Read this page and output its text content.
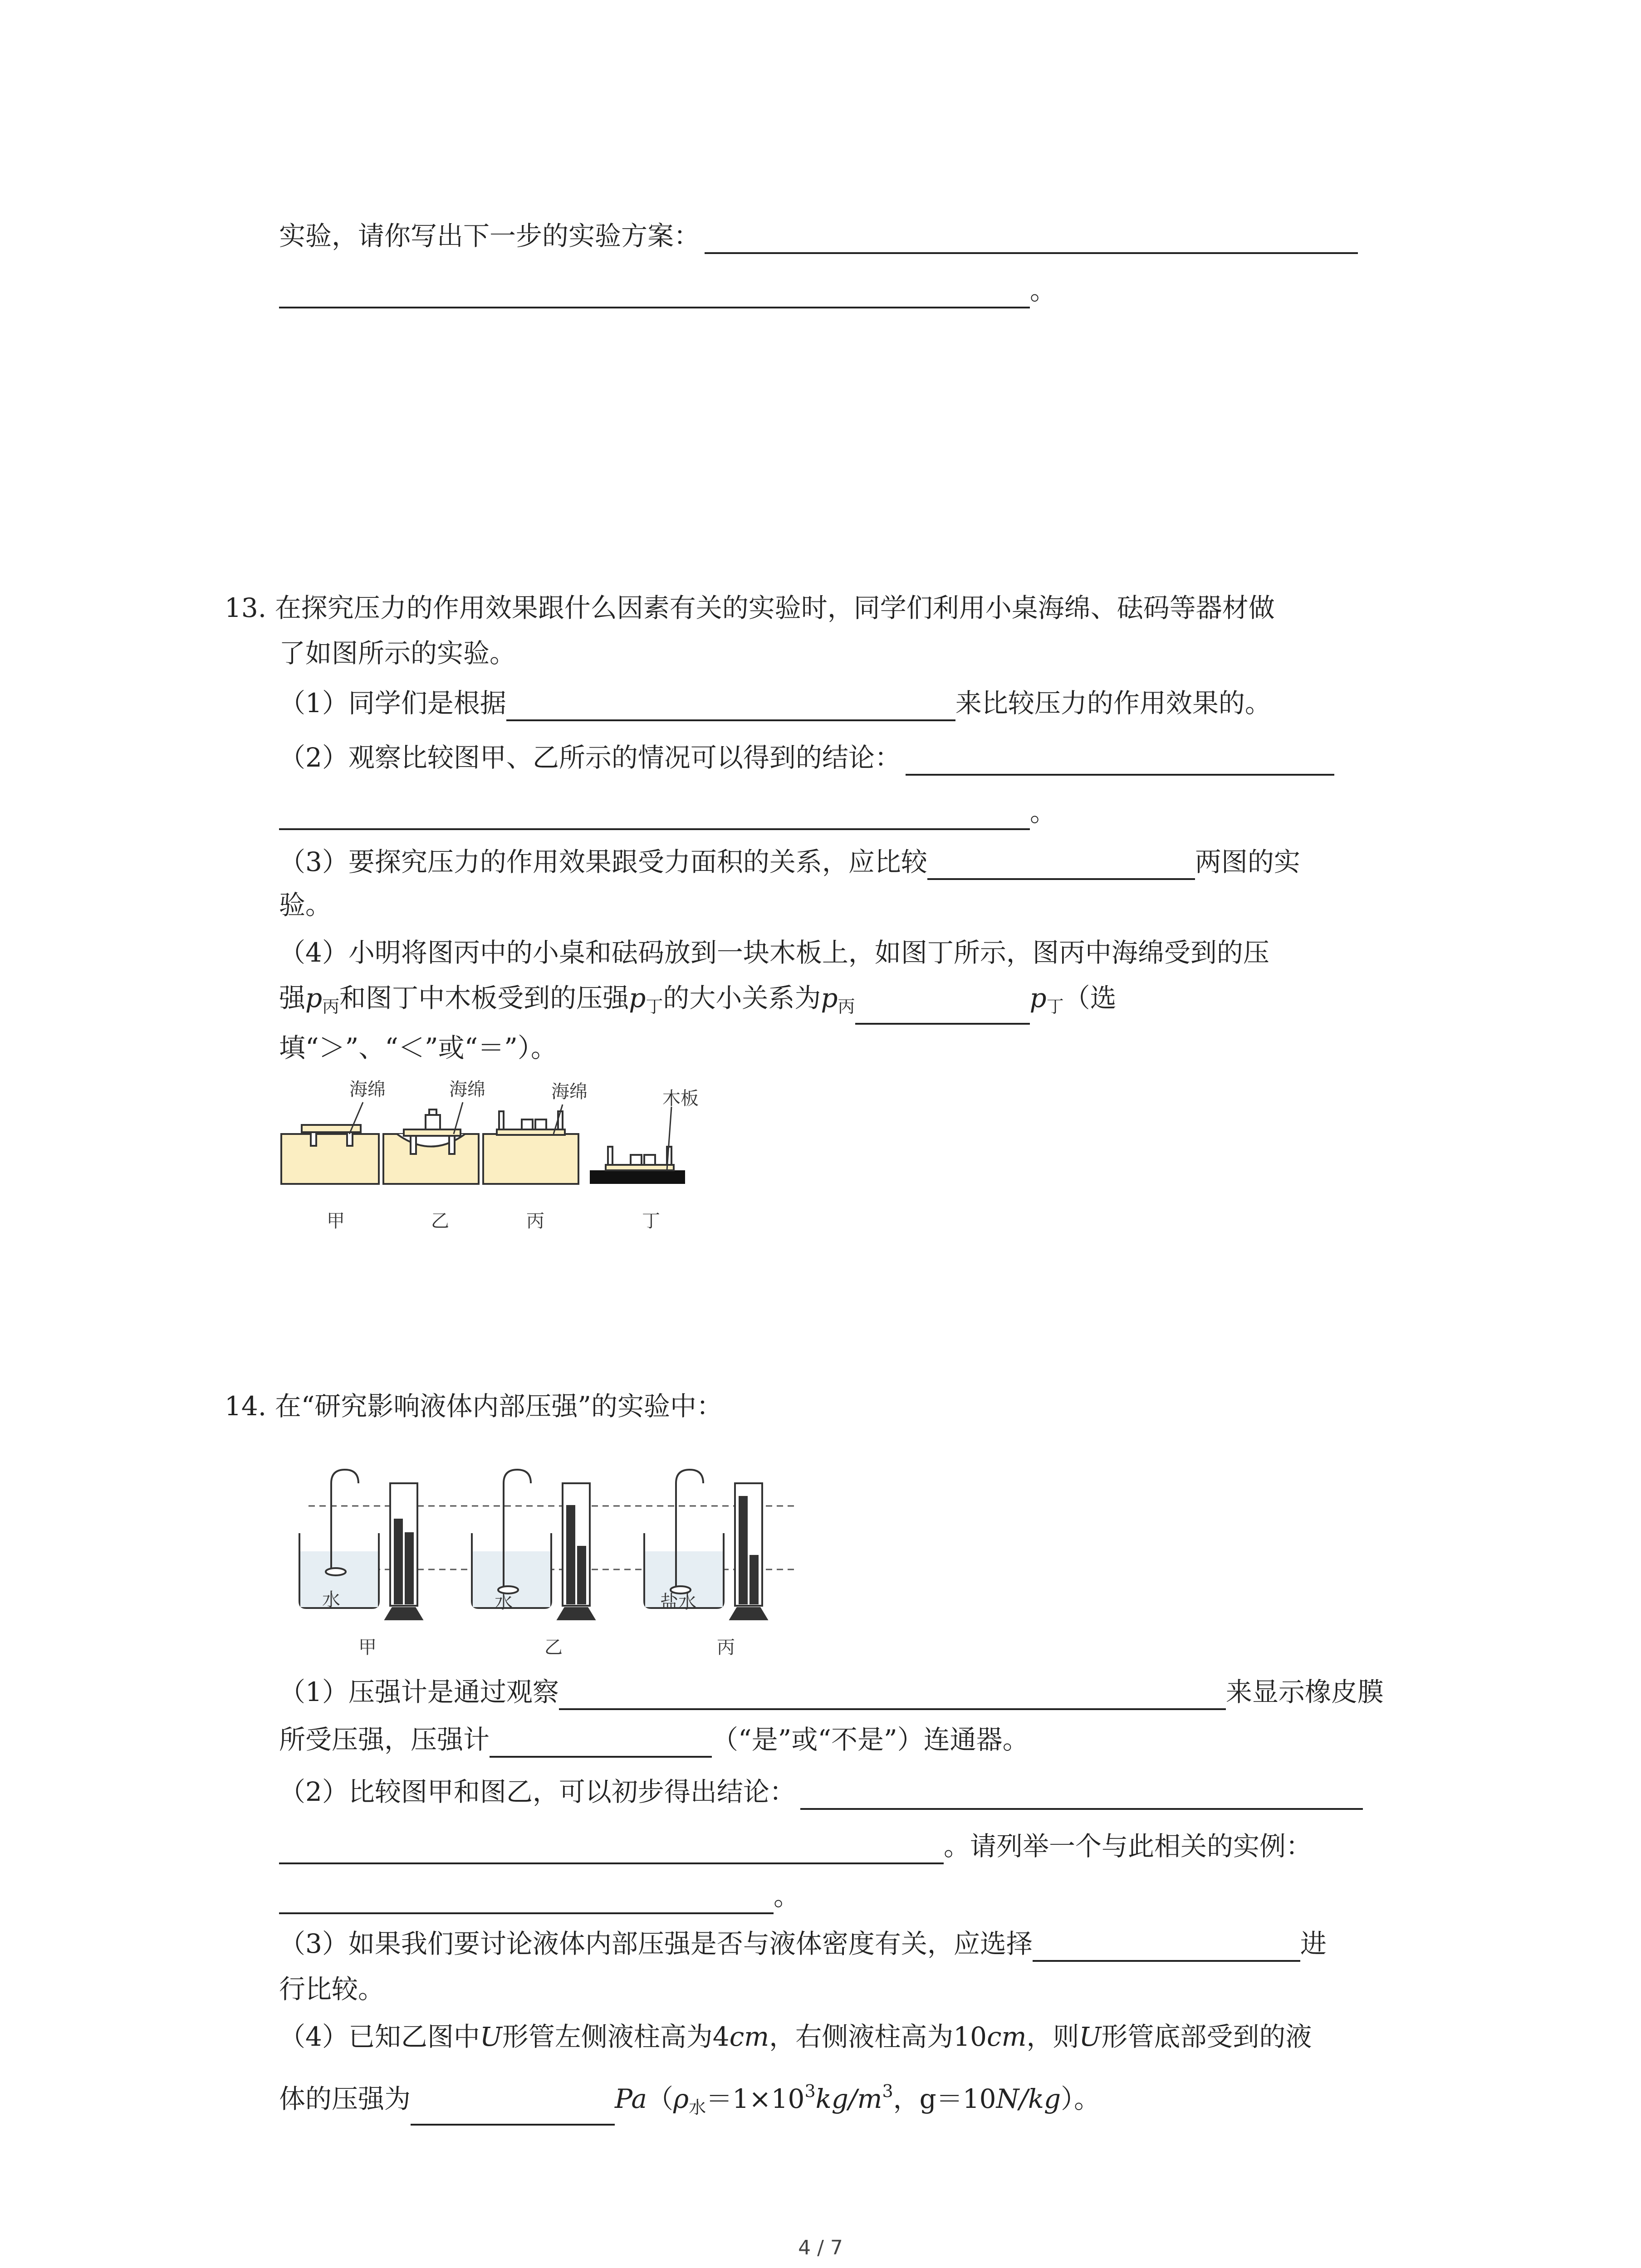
实验，请你写出下一步的实验方案：
。
13. 在探究压力的作用效果跟什么因素有关的实验时，同学们利用小桌海绵、砝码等器材做
了如图所示的实验。
（1）同学们是根据	来比较压力的作用效果的。
（2）观察比较图甲、乙所示的情况可以得到的结论：
。
（3）要探究压力的作用效果跟受力面积的关系，应比较	两图的实
验。
（4）小明将图丙中的小桌和砝码放到一块木板上，如图丁所示，图丙中海绵受到的压
强$p_丙$和图丁中木板受到的压强$p_丁$的大小关系为$p_丙$	$p_丁$（选
填“＞”、“＜”或“＝”）。
海绵	海绵	海绵	木板
甲	乙	丙	丁
14. 在“研究影响液体内部压强”的实验中：
水	水	盐水
甲	乙	丙
（1）压强计是通过观察	来显示橡皮膜
所受压强，压强计	（“是”或“不是”）连通器。
（2）比较图甲和图乙，可以初步得出结论：
。请列举一个与此相关的实例：
。
（3）如果我们要讨论液体内部压强是否与液体密度有关，应选择	进
行比较。
（4）已知乙图中U形管左侧液柱高为4cm，右侧液柱高为10cm，则U形管底部受到的液
体的压强为	$Pa(\rho_水=1\times 10^3kg/m^3$，g＝10N/kg）。
4 / 7
